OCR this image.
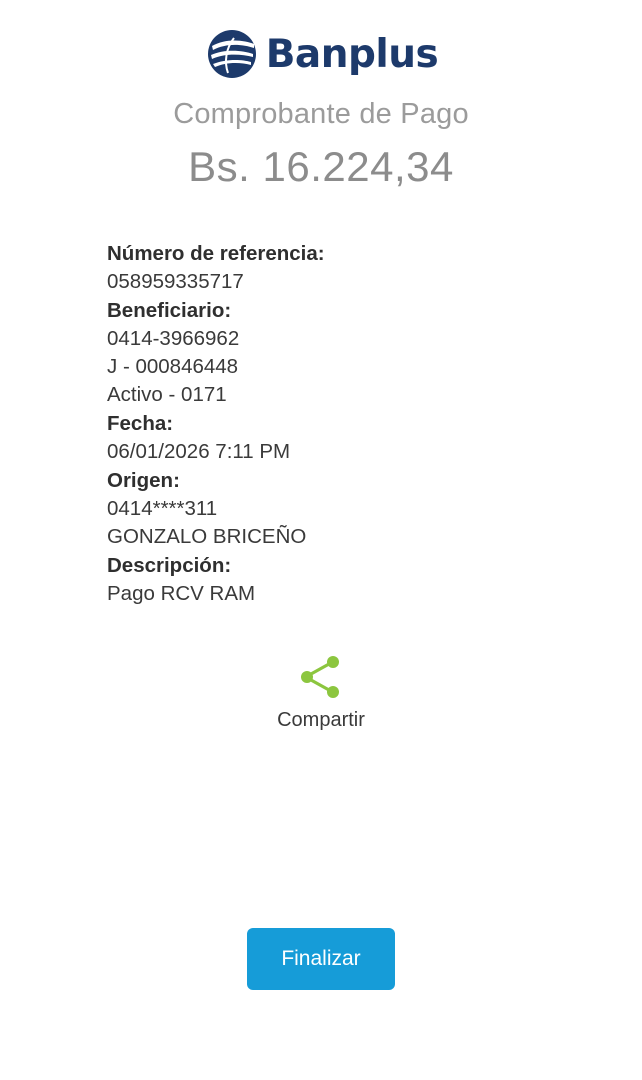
Banplus
Comprobante de Pago
Bs. 16.224,34
Número de referencia:
058959335717
Beneficiario:
0414-3966962
J - 000846448
Activo - 0171
Fecha:
06/01/2026 7:11 PM
Origen:
0414****311
GONZALO BRICEÑO
Descripción:
Pago RCV RAM
Compartir
Finalizar
